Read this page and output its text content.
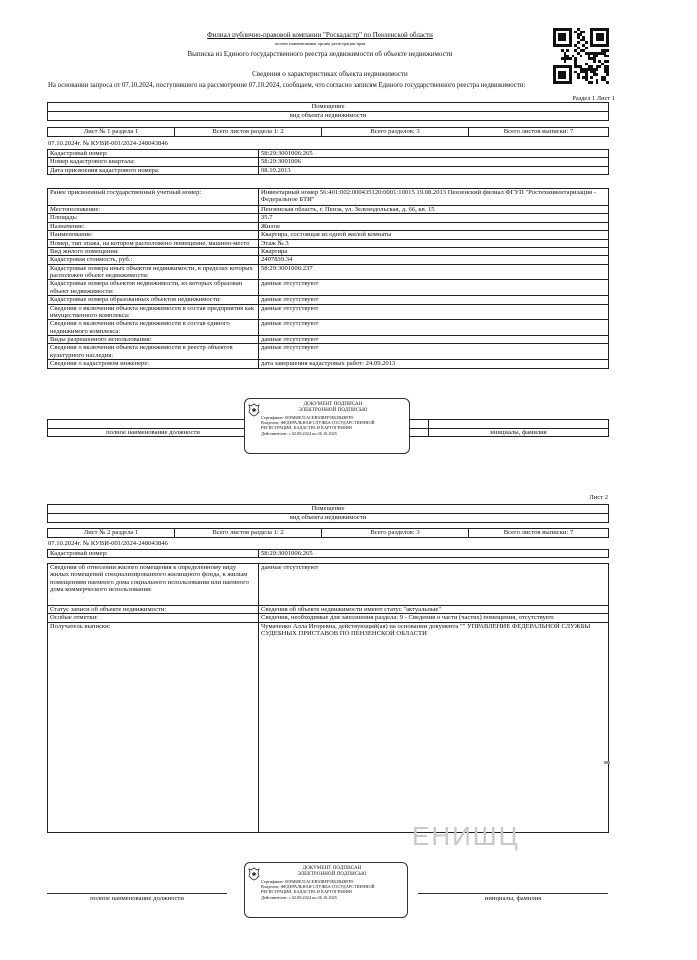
Филиал публично-правовой компании "Роскадастр" по Пензенской области
полное наименование органа регистрации прав
Выписка из Единого государственного реестра недвижимости об объекте недвижимости
Сведения о характеристиках объекта недвижимости
На основании запроса от 07.10.2024, поступившего на рассмотрение 07.10.2024, сообщаем, что согласно записям Единого государственного реестра недвижимости:
Раздел 1 Лист 1
Помещение
вид объекта недвижимости
Лист № 1 раздела 1	Всего листов раздела 1: 2	Всего разделов: 3	Всего листов выписки: 7
07.10.2024г. № КУВИ-001/2024-248043846
Кадастровый номер:	58:29:3001006:265
Номер кадастрового квартала:	58:29:3001006
Дата присвоения кадастрового номера:	08.10.2013
Ранее присвоенный государственный учетный номер:	Инвентарный номер 56:401:002:000435120:0001:10015 19.08.2013 Пензенский филиал ФГУП "Ростехинвентаризация - Федеральное БТИ"
Местоположение:	Пензенская область, г. Пенза, ул. Зеленодольская, д. 66, кв. 15
Площадь:	35.7
Назначение:	Жилое
Наименование:	Квартира, состоящая из одной жилой комнаты
Номер, тип этажа, на котором расположено помещение, машино-место	Этаж № 3
Вид жилого помещения:	Квартира
Кадастровая стоимость, руб.:	2407839.34
Кадастровые номера иных объектов недвижимости, в пределах которых расположен объект недвижимости:	58:29:3001006:237
Кадастровые номера объектов недвижимости, из которых образован объект недвижимости:	данные отсутствуют
Кадастровые номера образованных объектов недвижимости:	данные отсутствуют
Сведения о включении объекта недвижимости в состав предприятия как имущественного комплекса:	данные отсутствуют
Сведения о включении объекта недвижимости в состав единого недвижимого комплекса:	данные отсутствуют
Виды разрешенного использования:	данные отсутствуют
Сведения о включении объекта недвижимости в реестр объектов культурного наследия:	данные отсутствуют
Сведения о кадастровом инженере:	дата завершения кадастровых работ: 24.09.2013

полное наименование должности		инициалы, фамилия
ДОКУМЕНТ ПОДПИСАН
ЭЛЕКТРОННОЙ ПОДПИСЬЮ
Сертификат: 00F6B0E51ACEB50BFF9E63B4BFE9
Владелец: ФЕДЕРАЛЬНАЯ СЛУЖБА ГОСУДАРСТВЕННОЙ
РЕГИСТРАЦИИ, КАДАСТРА И КАРТОГРАФИИ
Действителен: с 02.08.2024 по 26.10.2025
Лист 2
Помещение
вид объекта недвижимости
Лист № 2 раздела 1	Всего листов раздела 1: 2	Всего разделов: 3	Всего листов выписки: 7
07.10.2024г. № КУВИ-001/2024-248043846
Кадастровый номер:	58:29:3001006:265
Сведения об отнесении жилого помещения к определенному виду жилых помещений специализированного жилищного фонда, к жилым помещениям наемного дома социального использования или наемного дома коммерческого использования:	данные отсутствуют
Статус записи об объекте недвижимости:	Сведения об объекте недвижимости имеют статус "актуальные"
Особые отметки:	Сведения, необходимые для заполнения раздела: 9 - Сведения о части (частях) помещения, отсутствуют.
Получатель выписки:	Чумаченко Алла Игоревна, действующий(ая) на основании документа "" УПРАВЛЕНИЕ ФЕДЕРАЛЬНОЙ СЛУЖБЫ СУДЕБНЫХ ПРИСТАВОВ ПО ПЕНЗЕНСКОЙ ОБЛАСТИ
ЕНИШЦ
полное наименование должности	инициалы, фамилия
ДОКУМЕНТ ПОДПИСАН
ЭЛЕКТРОННОЙ ПОДПИСЬЮ
Сертификат: 00F6B0E51ACEB50BFF9E63B4BFE9
Владелец: ФЕДЕРАЛЬНАЯ СЛУЖБА ГОСУДАРСТВЕННОЙ
РЕГИСТРАЦИИ, КАДАСТРА И КАРТОГРАФИИ
Действителен: с 02.08.2024 по 26.10.2025
